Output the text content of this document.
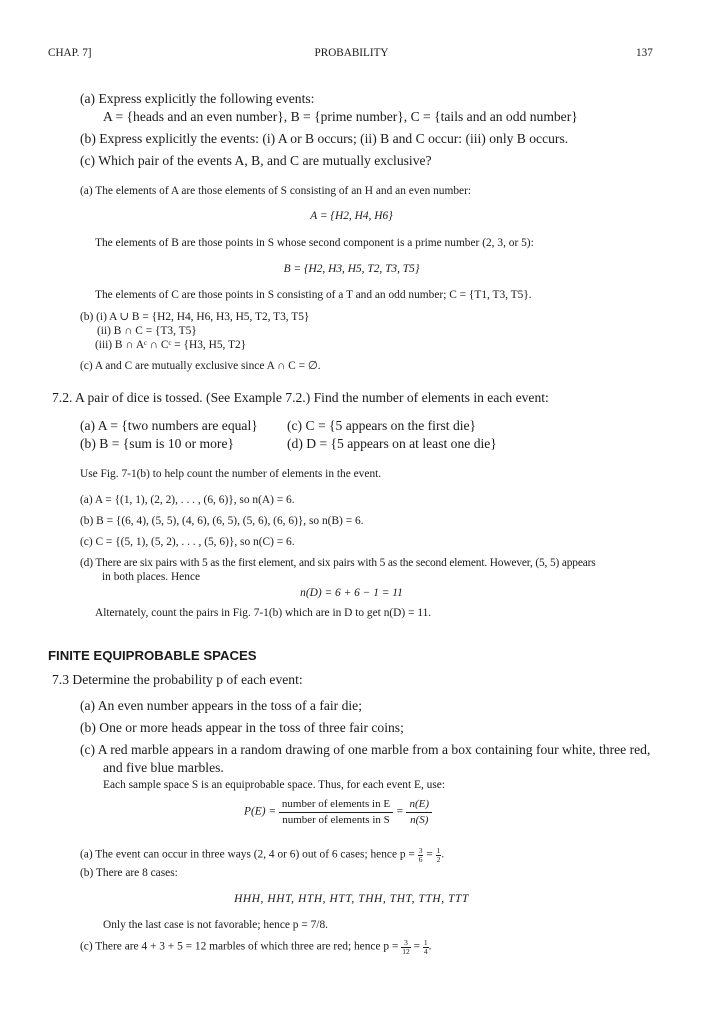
CHAP. 7]	PROBABILITY	137
(a) Express explicitly the following events:
A = {heads and an even number}, B = {prime number}, C = {tails and an odd number}
(b) Express explicitly the events: (i) A or B occurs; (ii) B and C occur: (iii) only B occurs.
(c) Which pair of the events A, B, and C are mutually exclusive?
(a) The elements of A are those elements of S consisting of an H and an even number:
A = {H2, H4, H6}
The elements of B are those points in S whose second component is a prime number (2, 3, or 5):
B = {H2, H3, H5, T2, T3, T5}
The elements of C are those points in S consisting of a T and an odd number; C = {T1, T3, T5}.
(b) (i) A ∪ B = {H2, H4, H6, H3, H5, T2, T3, T5}
(ii) B ∩ C = {T3, T5}
(iii) B ∩ Aᶜ ∩ Cᶜ = {H3, H5, T2}
(c) A and C are mutually exclusive since A ∩ C = ∅.
7.2. A pair of dice is tossed. (See Example 7.2.) Find the number of elements in each event:
(a) A = {two numbers are equal} (c) C = {5 appears on the first die}
(b) B = {sum is 10 or more}	(d) D = {5 appears on at least one die}
Use Fig. 7-1(b) to help count the number of elements in the event.
(a) A = {(1, 1), (2, 2), . . . , (6, 6)}, so n(A) = 6.
(b) B = {(6, 4), (5, 5), (4, 6), (6, 5), (5, 6), (6, 6)}, so n(B) = 6.
(c) C = {(5, 1), (5, 2), . . . , (5, 6)}, so n(C) = 6.
(d) There are six pairs with 5 as the first element, and six pairs with 5 as the second element. However, (5, 5) appears
in both places. Hence
n(D) = 6 + 6 − 1 = 11
Alternately, count the pairs in Fig. 7-1(b) which are in D to get n(D) = 11.
FINITE EQUIPROBABLE SPACES
7.3 Determine the probability p of each event:
(a) An even number appears in the toss of a fair die;
(b) One or more heads appear in the toss of three fair coins;
(c) A red marble appears in a random drawing of one marble from a box containing four white, three red,
and five blue marbles.
Each sample space S is an equiprobable space. Thus, for each event E, use:
$P(E) = \frac{\text{number of elements in E}}{\text{number of elements in S}} = \frac{n(E)}{n(S)}$
(a) The event can occur in three ways (2, 4 or 6) out of 6 cases; hence $p = \frac{3}{6} = \frac{1}{2}$ .
(b) There are 8 cases:
HHH, HHT, HTH, HTT, THH, THT, TTH, TTT
Only the last case is not favorable; hence p = 7/8.
(c) There are 4 + 3 + 5 = 12 marbles of which three are red; hence $p = \frac{3}{12} = \frac{1}{4}$ .
